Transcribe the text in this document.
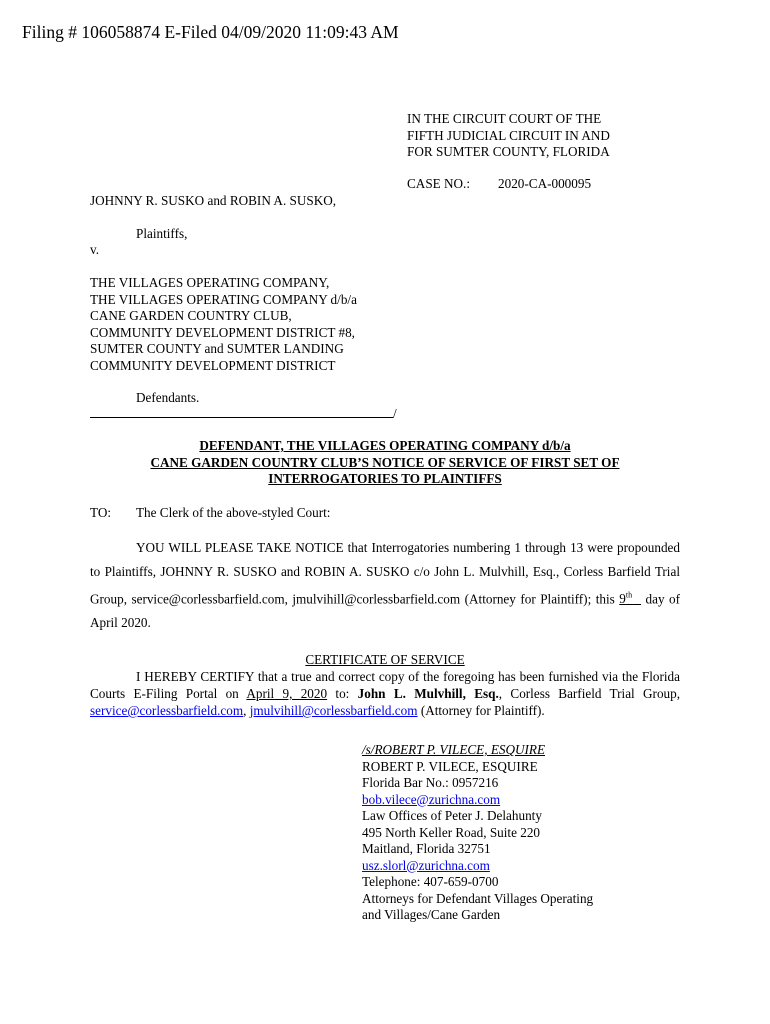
Filing # 106058874 E-Filed 04/09/2020 11:09:43 AM
IN THE CIRCUIT COURT OF THE
FIFTH JUDICIAL CIRCUIT IN AND
FOR SUMTER COUNTY, FLORIDA
CASE NO.: 2020-CA-000095
JOHNNY R. SUSKO and ROBIN A. SUSKO,
Plaintiffs,
v.
THE VILLAGES OPERATING COMPANY,
THE VILLAGES OPERATING COMPANY d/b/a
CANE GARDEN COUNTRY CLUB,
COMMUNITY DEVELOPMENT DISTRICT #8,
SUMTER COUNTY and SUMTER LANDING
COMMUNITY DEVELOPMENT DISTRICT
Defendants.
/
DEFENDANT, THE VILLAGES OPERATING COMPANY d/b/a
CANE GARDEN COUNTRY CLUB’S NOTICE OF SERVICE OF FIRST SET OF
INTERROGATORIES TO PLAINTIFFS
TO: The Clerk of the above-styled Court:
YOU WILL PLEASE TAKE NOTICE that Interrogatories numbering 1 through 13 were propounded to Plaintiffs, JOHNNY R. SUSKO and ROBIN A. SUSKO c/o John L. Mulvhill, Esq., Corless Barfield Trial Group, service@corlessbarfield.com, jmulvihill@corlessbarfield.com (Attorney for Plaintiff); this 9th   day of April 2020.
CERTIFICATE OF SERVICE
I HEREBY CERTIFY that a true and correct copy of the foregoing has been furnished via the Florida Courts E-Filing Portal on April 9, 2020 to: John L. Mulvhill, Esq., Corless Barfield Trial Group, service@corlessbarfield.com, jmulvihill@corlessbarfield.com (Attorney for Plaintiff).
/s/ROBERT P. VILECE, ESQUIRE
ROBERT P. VILECE, ESQUIRE
Florida Bar No.: 0957216
bob.vilece@zurichna.com
Law Offices of Peter J. Delahunty
495 North Keller Road, Suite 220
Maitland, Florida 32751
usz.slorl@zurichna.com
Telephone: 407-659-0700
Attorneys for Defendant Villages Operating
and Villages/Cane Garden
